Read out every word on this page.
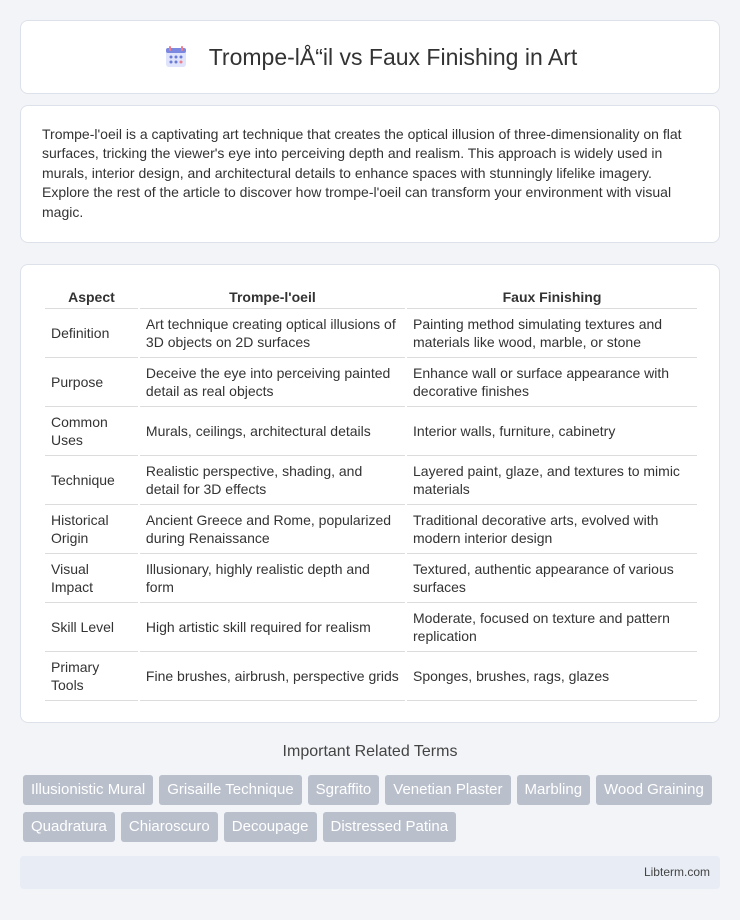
Trompe-lÅ“il vs Faux Finishing in Art

Trompe-l'oeil is a captivating art technique that creates the optical illusion of three-dimensionality on flat surfaces, tricking the viewer's eye into perceiving depth and realism. This approach is widely used in murals, interior design, and architectural details to enhance spaces with stunningly lifelike imagery. Explore the rest of the article to discover how trompe-l'oeil can transform your environment with visual magic.

Aspect	Trompe-l'oeil	Faux Finishing
Definition	Art technique creating optical illusions of 3D objects on 2D surfaces	Painting method simulating textures and materials like wood, marble, or stone
Purpose	Deceive the eye into perceiving painted detail as real objects	Enhance wall or surface appearance with decorative finishes
Common Uses	Murals, ceilings, architectural details	Interior walls, furniture, cabinetry
Technique	Realistic perspective, shading, and detail for 3D effects	Layered paint, glaze, and textures to mimic materials
Historical Origin	Ancient Greece and Rome, popularized during Renaissance	Traditional decorative arts, evolved with modern interior design
Visual Impact	Illusionary, highly realistic depth and form	Textured, authentic appearance of various surfaces
Skill Level	High artistic skill required for realism	Moderate, focused on texture and pattern replication
Primary Tools	Fine brushes, airbrush, perspective grids	Sponges, brushes, rags, glazes
Important Related Terms
Illusionistic Mural	Grisaille Technique	Sgraffito	Venetian Plaster	Marbling	Wood Graining
Quadratura	Chiaroscuro	Decoupage	Distressed Patina
Libterm.com
